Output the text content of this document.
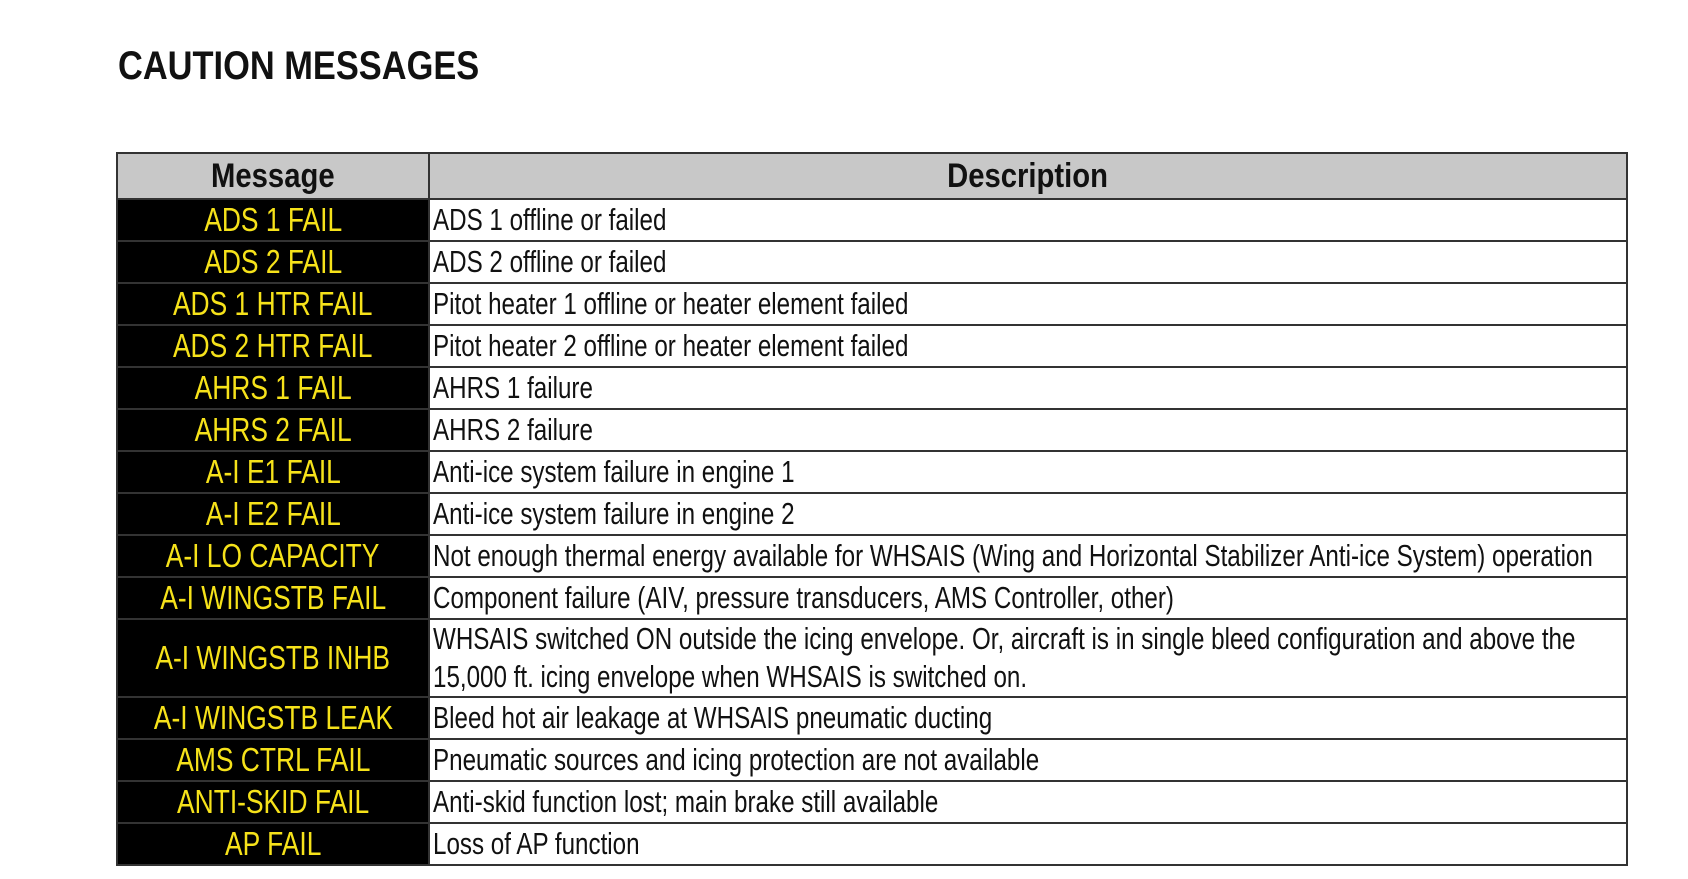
CAUTION MESSAGES
Message	Description
ADS 1 FAIL	ADS 1 offline or failed
ADS 2 FAIL	ADS 2 offline or failed
ADS 1 HTR FAIL	Pitot heater 1 offline or heater element failed
ADS 2 HTR FAIL	Pitot heater 2 offline or heater element failed
AHRS 1 FAIL	AHRS 1 failure
AHRS 2 FAIL	AHRS 2 failure
A-I E1 FAIL	Anti-ice system failure in engine 1
A-I E2 FAIL	Anti-ice system failure in engine 2
A-I LO CAPACITY	Not enough thermal energy available for WHSAIS (Wing and Horizontal Stabilizer Anti-ice System) operation
A-I WINGSTB FAIL	Component failure (AIV, pressure transducers, AMS Controller, other)
A-I WINGSTB INHB	WHSAIS switched ON outside the icing envelope. Or, aircraft is in single bleed configuration and above the 15,000 ft. icing envelope when WHSAIS is switched on.

A-I WINGSTB LEAK	Bleed hot air leakage at WHSAIS pneumatic ducting
AMS CTRL FAIL	Pneumatic sources and icing protection are not available
ANTI-SKID FAIL	Anti-skid function lost; main brake still available
AP FAIL	Loss of AP function
